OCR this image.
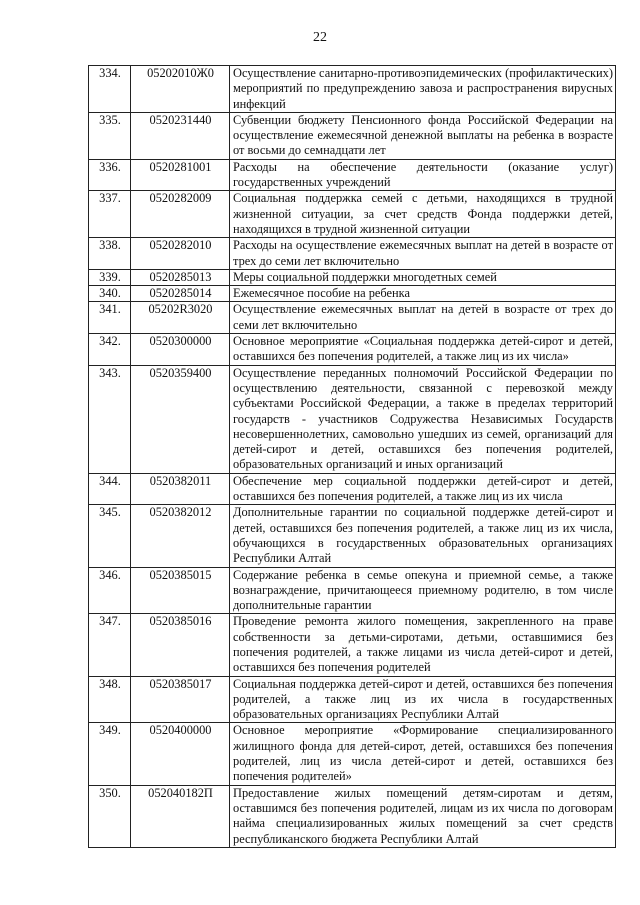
22
334.	05202010Ж0	Осуществление санитарно-противоэпидемических (профилактических) мероприятий по предупреждению завоза и распространения вирусных инфекций
335.	0520231440	Субвенции бюджету Пенсионного фонда Российской Федерации на осуществление ежемесячной денежной выплаты на ребенка в возрасте от восьми до семнадцати лет
336.	0520281001	Расходы на обеспечение деятельности (оказание услуг) государственных учреждений
337.	0520282009	Социальная поддержка семей с детьми, находящихся в трудной жизненной ситуации, за счет средств Фонда поддержки детей, находящихся в трудной жизненной ситуации
338.	0520282010	Расходы на осуществление ежемесячных выплат на детей в возрасте от трех до семи лет включительно
339.	0520285013	Меры социальной поддержки многодетных семей
340.	0520285014	Ежемесячное пособие на ребенка
341.	05202R3020	Осуществление ежемесячных выплат на детей в возрасте от трех до семи лет включительно
342.	0520300000	Основное мероприятие «Социальная поддержка детей-сирот и детей, оставшихся без попечения родителей, а также лиц из их числа»
343.	0520359400	Осуществление переданных полномочий Российской Федерации по осуществлению деятельности, связанной с перевозкой между субъектами Российской Федерации, а также в пределах территорий государств - участников Содружества Независимых Государств несовершеннолетних, самовольно ушедших из семей, организаций для детей-сирот и детей, оставшихся без попечения родителей, образовательных организаций и иных организаций
344.	0520382011	Обеспечение мер социальной поддержки детей-сирот и детей, оставшихся без попечения родителей, а также лиц из их числа
345.	0520382012	Дополнительные гарантии по социальной поддержке детей-сирот и детей, оставшихся без попечения родителей, а также лиц из их числа, обучающихся в государственных образовательных организациях Республики Алтай
346.	0520385015	Содержание ребенка в семье опекуна и приемной семье, а также вознаграждение, причитающееся приемному родителю, в том числе дополнительные гарантии
347.	0520385016	Проведение ремонта жилого помещения, закрепленного на праве собственности за детьми-сиротами, детьми, оставшимися без попечения родителей, а также лицами из числа детей-сирот и детей, оставшихся без попечения родителей
348.	0520385017	Социальная поддержка детей-сирот и детей, оставшихся без попечения родителей, а также лиц из их числа в государственных образовательных организациях Республики Алтай
349.	0520400000	Основное мероприятие «Формирование специализированного жилищного фонда для детей-сирот, детей, оставшихся без попечения родителей, лиц из числа детей-сирот и детей, оставшихся без попечения родителей»
350.	052040182П	Предоставление жилых помещений детям-сиротам и детям, оставшимся без попечения родителей, лицам из их числа по договорам найма специализированных жилых помещений за счет средств республиканского бюджета Республики Алтай
